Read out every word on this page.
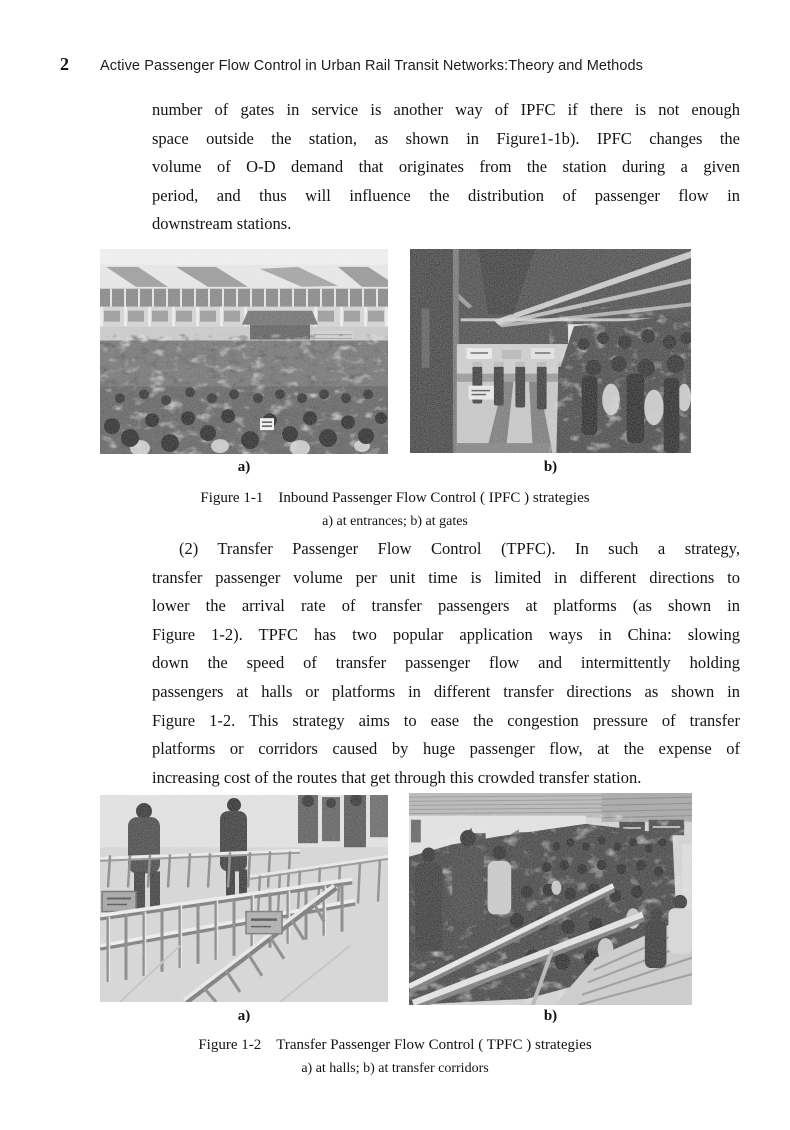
2 Active Passenger Flow Control in Urban Rail Transit Networks:Theory and Methods
number of gates in service is another way of IPFC if there is not enough
space outside the station, as shown in Figure1-1b). IPFC changes the
volume of O-D demand that originates from the station during a given
period, and thus will influence the distribution of passenger flow in
downstream stations.
a)	b)
Figure 1-1 Inbound Passenger Flow Control ( IPFC ) strategies
a) at entrances; b) at gates
(2) Transfer Passenger Flow Control (TPFC). In such a strategy,
transfer passenger volume per unit time is limited in different directions to
lower the arrival rate of transfer passengers at platforms (as shown in
Figure 1-2). TPFC has two popular application ways in China: slowing
down the speed of transfer passenger flow and intermittently holding
passengers at halls or platforms in different transfer directions as shown in
Figure 1-2. This strategy aims to ease the congestion pressure of transfer
platforms or corridors caused by huge passenger flow, at the expense of
increasing cost of the routes that get through this crowded transfer station.
a)	b)
Figure 1-2 Transfer Passenger Flow Control ( TPFC ) strategies
a) at halls; b) at transfer corridors
